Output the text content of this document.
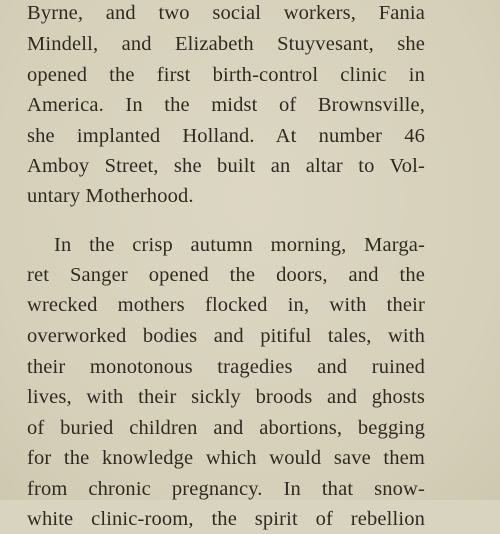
Byrne, and two social workers, Fania
Mindell, and Elizabeth Stuyvesant, she
opened the first birth-control clinic in
America. In the midst of Brownsville,
she implanted Holland. At number 46
Amboy Street, she built an altar to Vol-
untary Motherhood.
In the crisp autumn morning, Marga-
ret Sanger opened the doors, and the
wrecked mothers flocked in, with their
overworked bodies and pitiful tales, with
their monotonous tragedies and ruined
lives, with their sickly broods and ghosts
of buried children and abortions, begging
for the knowledge which would save them
from chronic pregnancy. In that snow-
white clinic-room, the spirit of rebellion
